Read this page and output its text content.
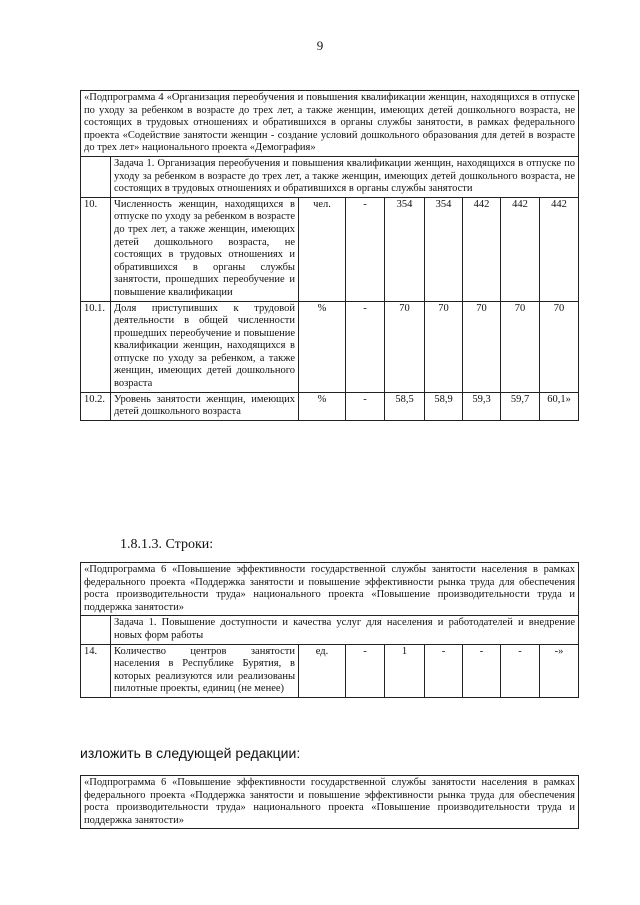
9
«Подпрограмма 4 «Организация переобучения и повышения квалификации женщин, находящихся в отпуске по уходу за ребенком в возрасте до трех лет, а также женщин, имеющих детей дошкольного возраста, не состоящих в трудовых отношениях и обратившихся в органы службы занятости, в рамках федерального проекта «Содействие занятости женщин - создание условий дошкольного образования для детей в возрасте до трех лет» национального проекта «Демография»								
	Задача 1. Организация переобучения и повышения квалификации женщин, находящихся в отпуске по уходу за ребенком в возрасте до трех лет, а также женщин, имеющих детей дошкольного возраста, не состоящих в трудовых отношениях и обратившихся в органы службы занятости							
10.	Численность женщин, находящихся в отпуске по уходу за ребенком в возрасте до трех лет, а также женщин, имеющих детей дошкольного возраста, не состоящих в трудовых отношениях и обратившихся в органы службы занятости, прошедших переобучение и повышение квалификации	чел.	-	354	354	442	442	442
10.1.	Доля приступивших к трудовой деятельности в общей численности прошедших переобучение и повышение квалификации женщин, находящихся в отпуске по уходу за ребенком, а также женщин, имеющих детей дошкольного возраста	%	-	70	70	70	70	70
10.2.	Уровень занятости женщин, имеющих детей дошкольного возраста	%	-	58,5	58,9	59,3	59,7	60,1»
1.8.1.3. Строки:
«Подпрограмма 6 «Повышение эффективности государственной службы занятости населения в рамках федерального проекта «Поддержка занятости и повышение эффективности рынка труда для обеспечения роста производительности труда» национального проекта «Повышение производительности труда и поддержка занятости»								
	Задача 1. Повышение доступности и качества услуг для населения и работодателей и внедрение новых форм работы							
14.	Количество центров занятости населения в Республике Бурятия, в которых реализуются или реализованы пилотные проекты, единиц (не менее)	ед.	-	1	-	-	-	-»
изложить в следующей редакции:
«Подпрограмма 6 «Повышение эффективности государственной службы занятости населения в рамках федерального проекта «Поддержка занятости и повышение эффективности рынка труда для обеспечения роста производительности труда» национального проекта «Повышение производительности труда и поддержка занятости»
